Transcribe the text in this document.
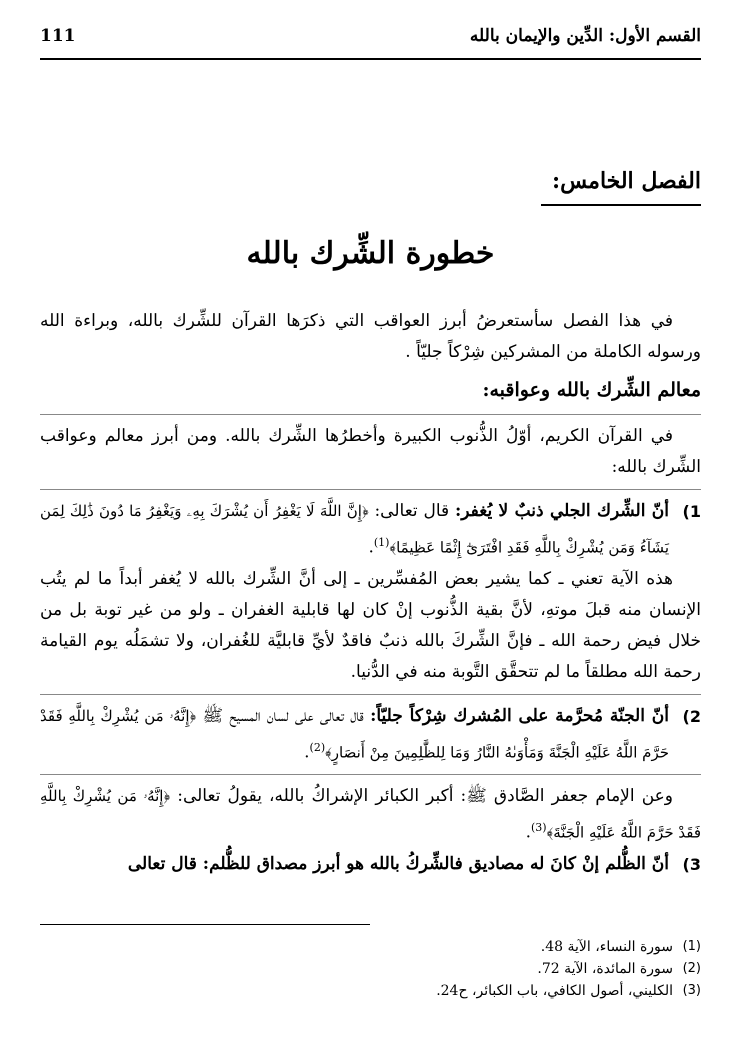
القسم الأول: الدِّين والإيمان بالله
111
الفصل الخامس:
خطورة الشِّرك بالله

في هذا الفصل سأستعرضُ أبرز العواقب التي ذكرَها القرآن للشِّرك بالله، وبراءة الله ورسوله الكاملة من المشركين شِرْكاً جليّاً .

معالم الشِّرك بالله وعواقبه:

في القرآن الكريم، أوّلُ الذُّنوب الكبيرة وأخطرُها الشِّرك بالله. ومن أبرز معالم وعواقب الشِّرك بالله:

1)
أنّ الشِّرك الجلي ذنبٌ لا يُغفر: قال تعالى: ﴿إِنَّ اللَّهَ لَا يَغْفِرُ أَن يُشْرَكَ بِهِۦ وَيَغْفِرُ مَا دُونَ ذَٰلِكَ لِمَن يَشَآءُ وَمَن يُشْرِكْ بِاللَّهِ فَقَدِ افْتَرَىٰٓ إِثْمًا عَظِيمًا﴾$^{(1)}$.

هذه الآية تعني ـ كما يشير بعض المُفسِّرين ـ إلى أنَّ الشِّرك بالله لا يُغفر أبداً ما لم يتُب الإنسان منه قبلَ موتهِ، لأنَّ بقية الذُّنوب إنْ كان لها قابلية الغفران ـ ولو من غير توبة بل من خلال فيض رحمة الله ـ فإنَّ الشِّركَ بالله ذنبٌ فاقدٌ لأيِّ قابليَّة للغُفران، ولا تشمَلُه يوم القيامة رحمة الله مطلقاً ما لم تتحقَّق التَّوبة منه في الدُّنيا.

2)
أنّ الجنّة مُحرَّمة على المُشرك شِرْكاً جليّاً: قال تعالى على لسان المسيح ﷺ ﴿إِنَّهُۥ مَن يُشْرِكْ بِاللَّهِ فَقَدْ حَرَّمَ اللَّهُ عَلَيْهِ الْجَنَّةَ وَمَأْوَىٰهُ النَّارُ وَمَا لِلظَّٰلِمِينَ مِنْ أَنصَارٍ﴾$^{(2)}$.

وعن الإمام جعفر الصَّادق ﷺ: أكبر الكبائر الإشراكُ بالله، يقولُ تعالى: ﴿إِنَّهُۥ مَن يُشْرِكْ بِاللَّهِ فَقَدْ حَرَّمَ اللَّهُ عَلَيْهِ الْجَنَّةَ﴾$^{(3)}$.

3)
أنّ الظُّلم إنْ كانَ له مصاديق فالشِّركُ بالله هو أبرز مصداق للظُّلم: قال تعالى
(1)
سورة النساء، الآية 48.
(2)
سورة المائدة، الآية 72.
(3)
الكليني، أصول الكافي، باب الكبائر، ح24.
